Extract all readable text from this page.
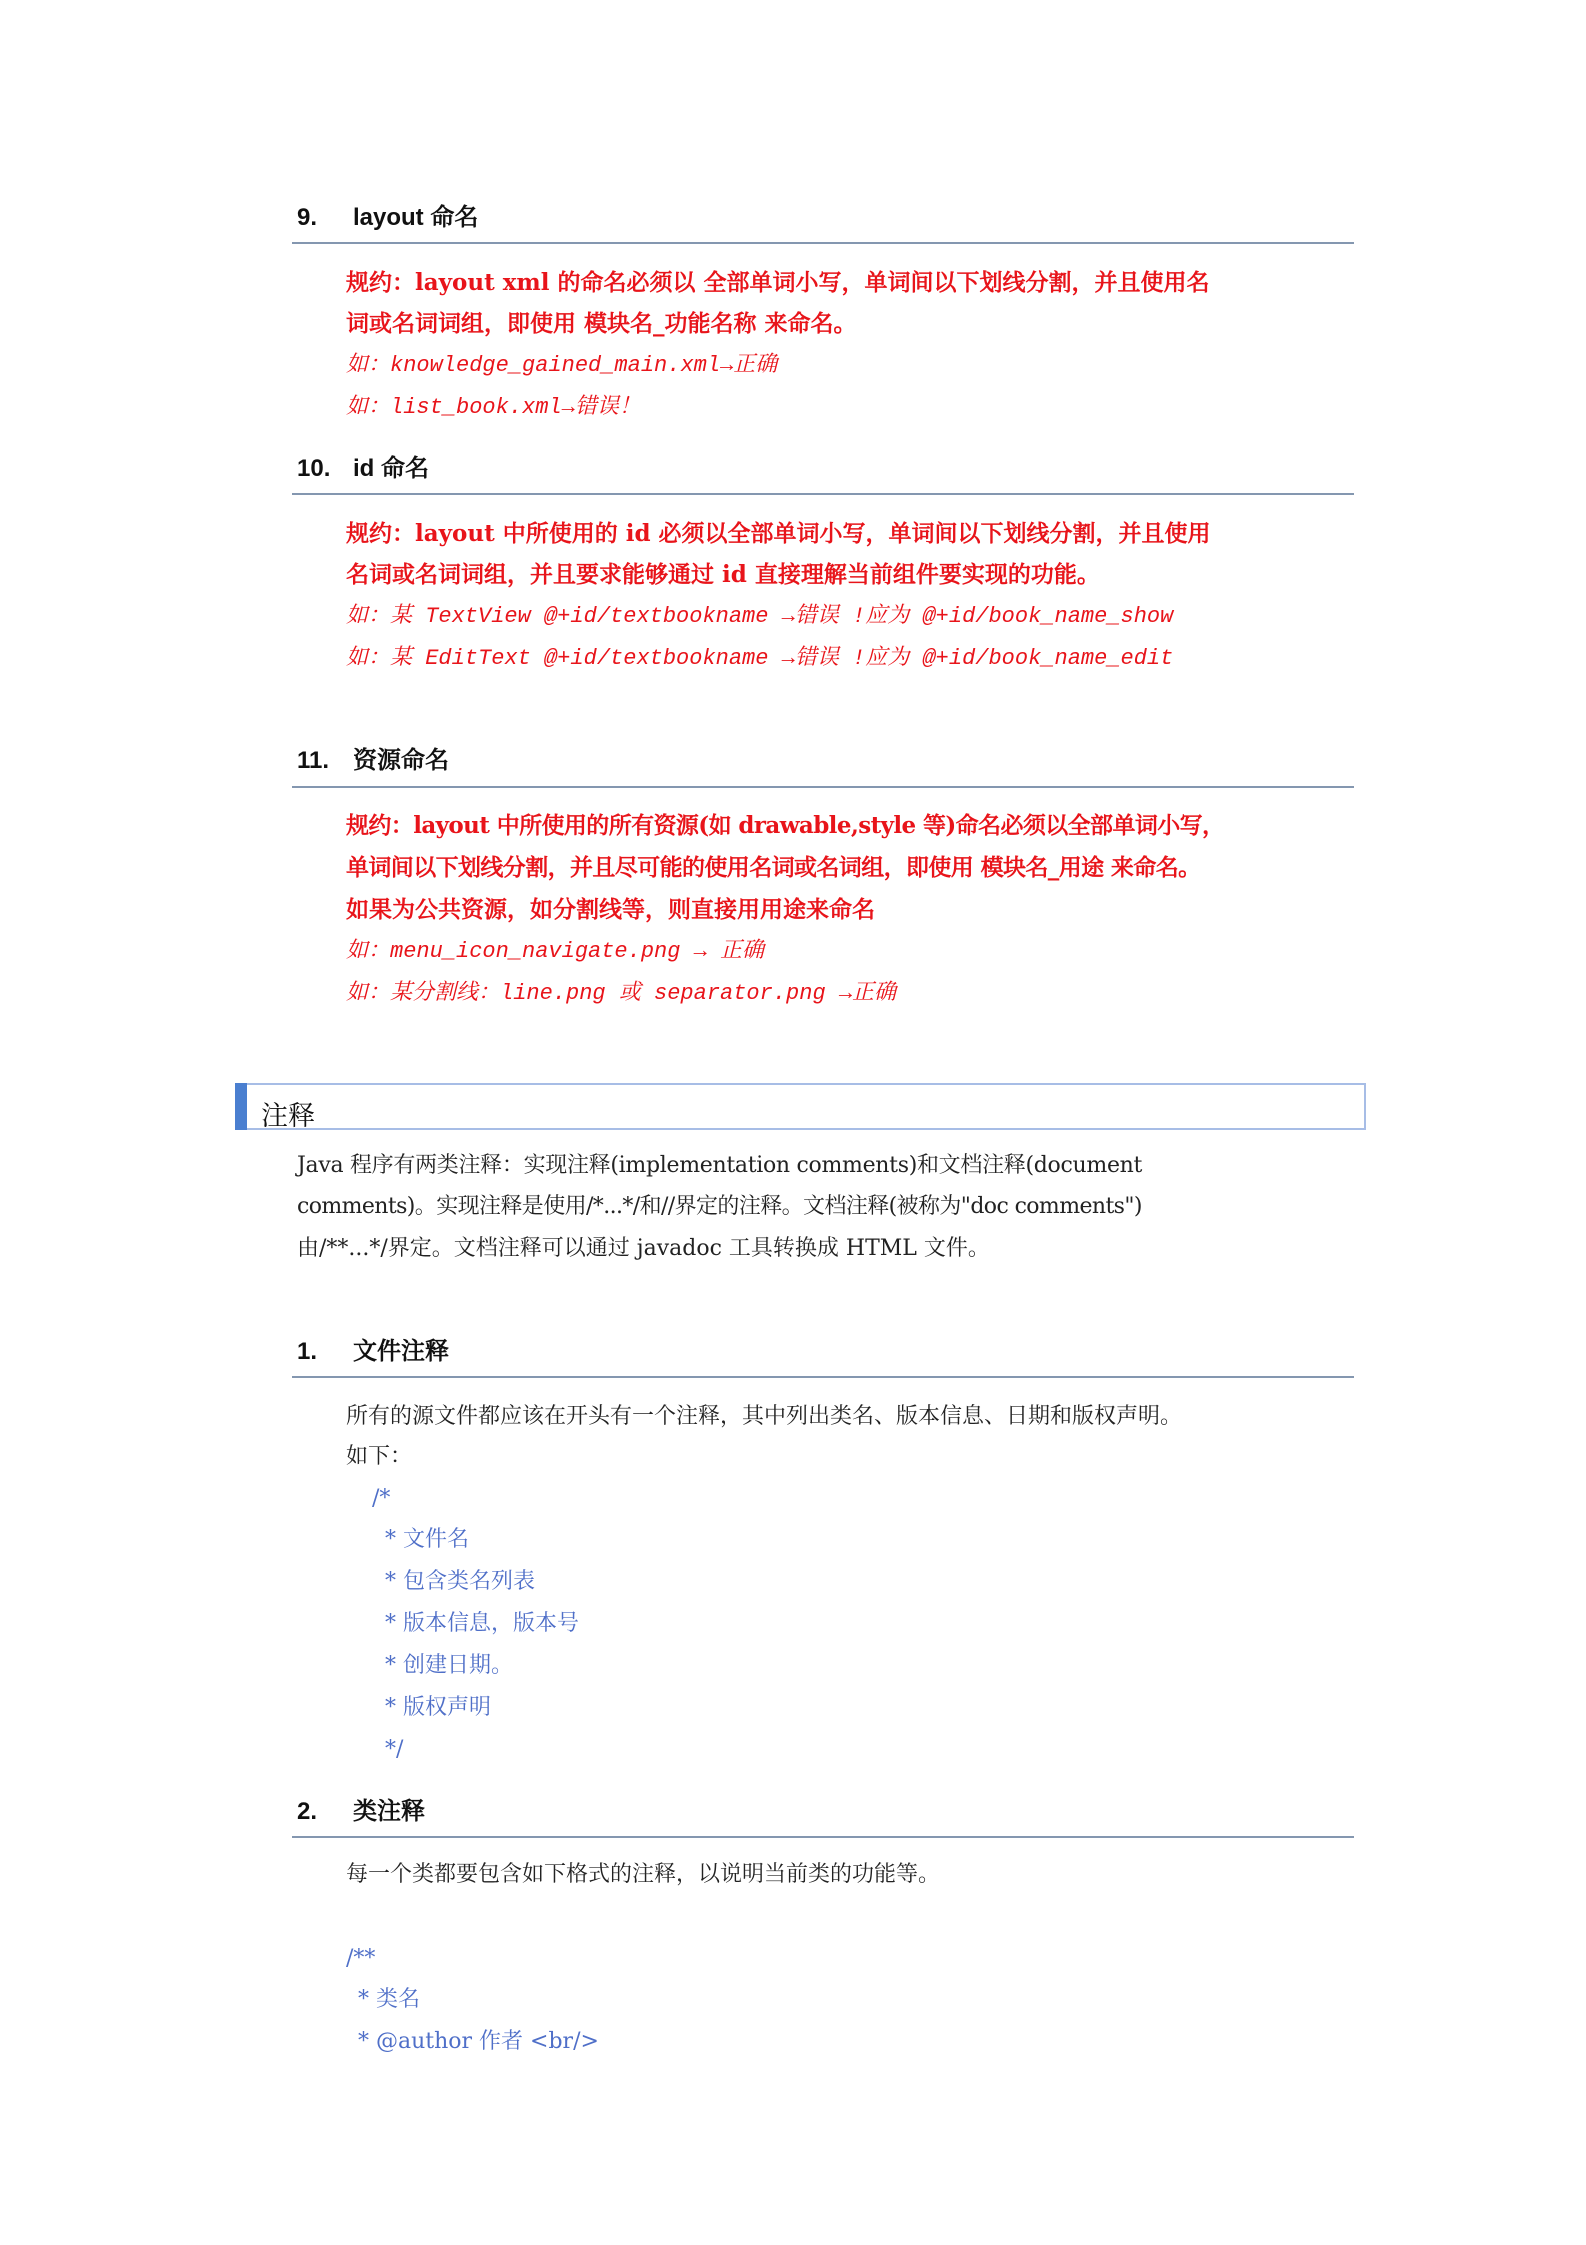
9. layout 命名
规约：layout xml 的命名必须以 全部单词小写，单词间以下划线分割，并且使用名
词或名词词组，即使用 模块名_功能名称 来命名。
如：knowledge_gained_main.xml→正确
如：list_book.xml→错误！
10. id 命名
规约：layout 中所使用的 id 必须以全部单词小写，单词间以下划线分割，并且使用
名词或名词词组，并且要求能够通过 id 直接理解当前组件要实现的功能。
如：某 TextView @+id/textbookname →错误 !应为 @+id/book_name_show
如：某 EditText @+id/textbookname →错误 !应为 @+id/book_name_edit
11. 资源命名
规约：layout 中所使用的所有资源(如 drawable,style 等)命名必须以全部单词小写，
单词间以下划线分割，并且尽可能的使用名词或名词组，即使用 模块名_用途 来命名。
如果为公共资源，如分割线等，则直接用用途来命名
如：menu_icon_navigate.png → 正确
如：某分割线：line.png 或 separator.png →正确
注释
Java 程序有两类注释：实现注释(implementation comments)和文档注释(document
comments)。实现注释是使用/*...*/和//界定的注释。文档注释(被称为"doc comments")
由/**...*/界定。文档注释可以通过 javadoc 工具转换成 HTML 文件。
1. 文件注释
所有的源文件都应该在开头有一个注释，其中列出类名、版本信息、日期和版权声明。
如下：
/*
* 文件名
* 包含类名列表
* 版本信息，版本号
* 创建日期。
* 版权声明
*/
2. 类注释
每一个类都要包含如下格式的注释，以说明当前类的功能等。
/**
* 类名
* @author 作者 <br/>
